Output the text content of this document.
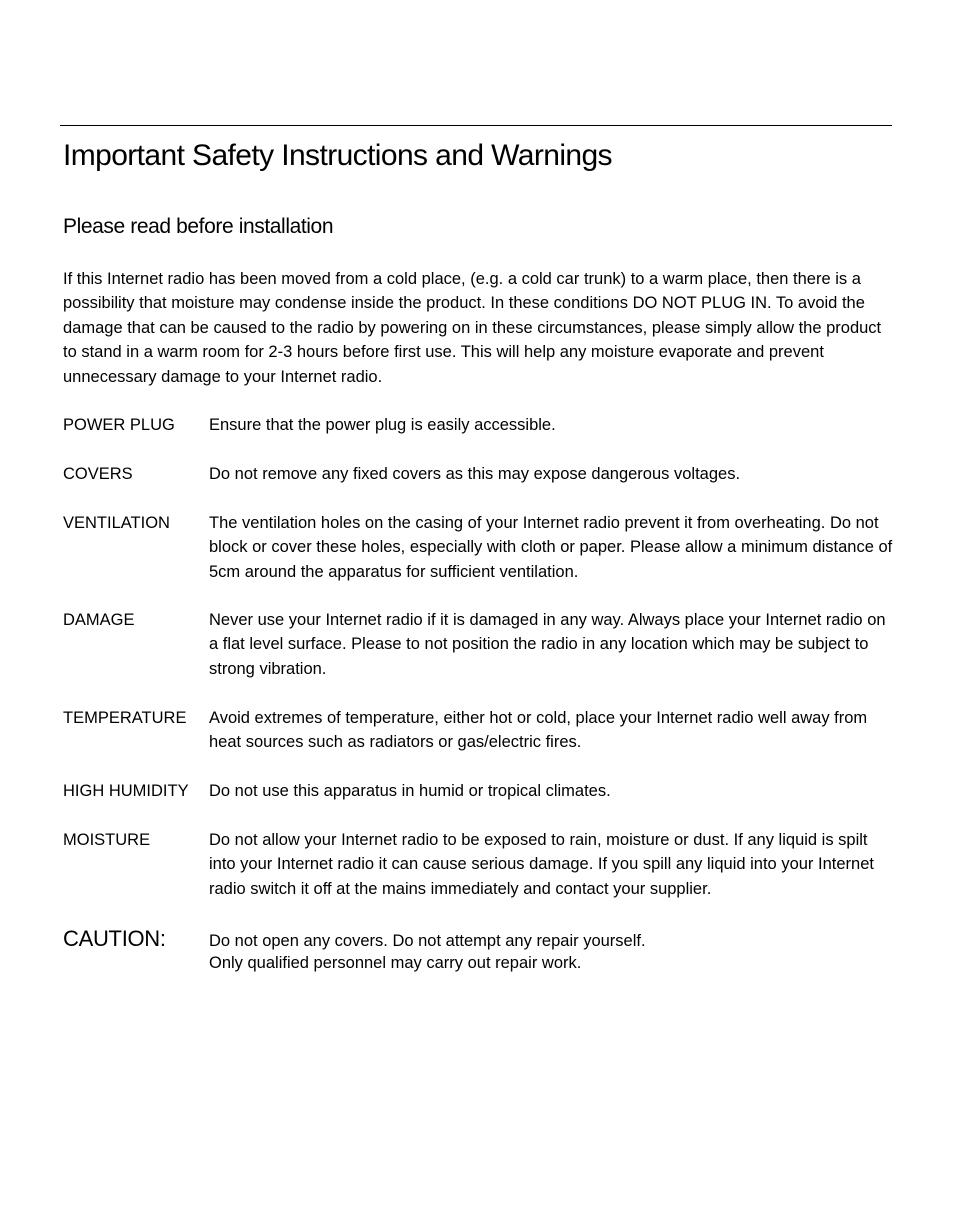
Important Safety Instructions and Warnings
Please read before installation

If this Internet radio has been moved from a cold place, (e.g. a cold car trunk) to a warm place, then there is a possibility that moisture may condense inside the product. In these conditions DO NOT PLUG IN. To avoid the damage that can be caused to the radio by powering on in these circumstances, please simply allow the product to stand in a warm room for 2-3 hours before first use. This will help any moisture evaporate and prevent unnecessary damage to your Internet radio.

POWER PLUG Ensure that the power plug is easily accessible.
COVERS	Do not remove any fixed covers as this may expose dangerous voltages.
VENTILATION The ventilation holes on the casing of your Internet radio prevent it from overheating. Do not block or cover these holes, especially with cloth or paper. Please allow a minimum distance of 5cm around the apparatus for sufficient ventilation.
DAMAGE	Never use your Internet radio if it is damaged in any way. Always place your Internet radio on a flat level surface. Please to not position the radio in any location which may be subject to strong vibration.
TEMPERATURE Avoid extremes of temperature, either hot or cold, place your Internet radio well away from heat sources such as radiators or gas/electric fires.
HIGH HUMIDITY Do not use this apparatus in humid or tropical climates.
MOISTURE	Do not allow your Internet radio to be exposed to rain, moisture or dust. If any liquid is spilt into your Internet radio it can cause serious damage. If you spill any liquid into your Internet radio switch it off at the mains immediately and contact your supplier.
CAUTION:	Do not open any covers. Do not attempt any repair yourself.
Only qualified personnel may carry out repair work.
